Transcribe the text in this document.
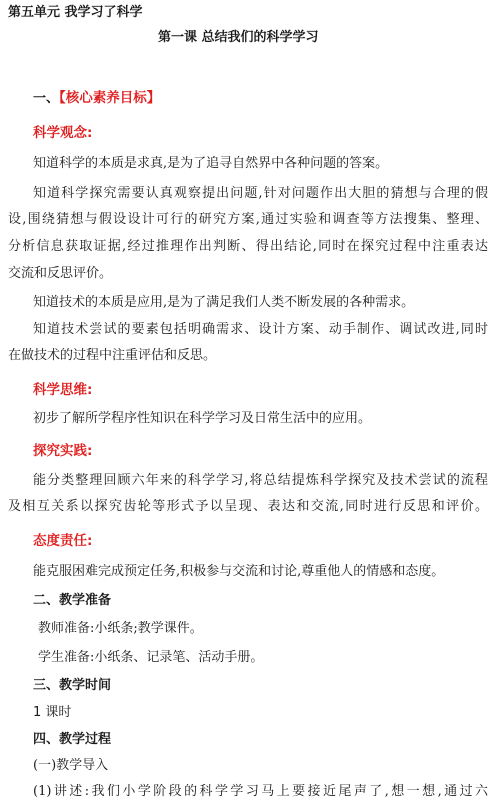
第五单元 我学习了科学
第一课 总结我们的科学学习
一、【核心素养目标】
科学观念:
知道科学的本质是求真,是为了追寻自然界中各种问题的答案。
知道科学探究需要认真观察提出问题,针对问题作出大胆的猜想与合理的假
设,围绕猜想与假设设计可行的研究方案,通过实验和调查等方法搜集、整理、
分析信息获取证据,经过推理作出判断、得出结论,同时在探究过程中注重表达
交流和反思评价。
知道技术的本质是应用,是为了满足我们人类不断发展的各种需求。
知道技术尝试的要素包括明确需求、设计方案、动手制作、调试改进,同时
在做技术的过程中注重评估和反思。
科学思维:
初步了解所学程序性知识在科学学习及日常生活中的应用。
探究实践:
能分类整理回顾六年来的科学学习,将总结提炼科学探究及技术尝试的流程
及相互关系以探究齿轮等形式予以呈现、表达和交流,同时进行反思和评价。
态度责任:
能克服困难完成预定任务,积极参与交流和讨论,尊重他人的情感和态度。
二、教学准备
教师准备:小纸条;教学课件。
学生准备:小纸条、记录笔、活动手册。
三、教学时间
1 课时
四、教学过程
(一)教学导入
(1)讲述:我们小学阶段的科学学习马上要接近尾声了,想一想,通过六
